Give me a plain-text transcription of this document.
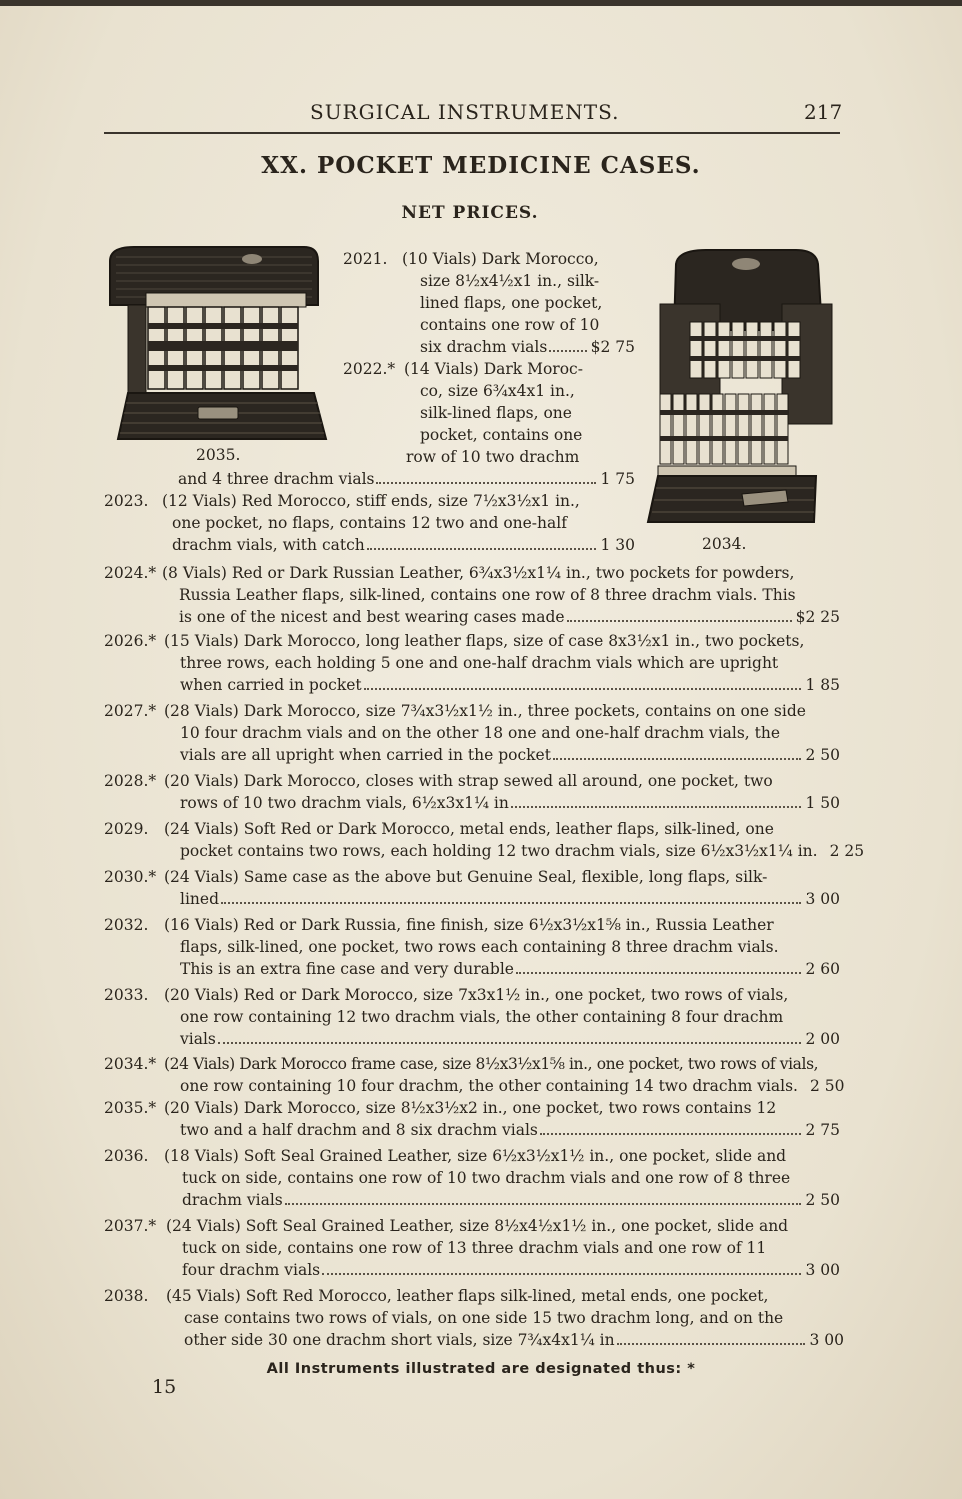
SURGICAL INSTRUMENTS.	217
XX. POCKET MEDICINE CASES.
NET PRICES.
2035.
2034.
2021. (10 Vials) Dark Morocco,
size 8½x4½x1 in., silk-
lined flaps, one pocket,
contains one row of 10
six drachm vials	$2 75
2022.* (14 Vials) Dark Moroc-
co, size 6¾x4x1 in.,
silk-lined flaps, one
pocket, contains one
row of 10 two drachm
and 4 three drachm vials	1 75
2023. (12 Vials) Red Morocco, stiff ends, size 7½x3½x1 in.,
one pocket, no flaps, contains 12 two and one-half
drachm vials, with catch	1 30
2024.* (8 Vials) Red or Dark Russian Leather, 6¾x3½x1¼ in., two pockets for powders,
Russia Leather flaps, silk-lined, contains one row of 8 three drachm vials. This
is one of the nicest and best wearing cases made	$2 25
2026.* (15 Vials) Dark Morocco, long leather flaps, size of case 8x3½x1 in., two pockets,
three rows, each holding 5 one and one-half drachm vials which are upright
when carried in pocket	1 85
2027.* (28 Vials) Dark Morocco, size 7¾x3½x1½ in., three pockets, contains on one side
10 four drachm vials and on the other 18 one and one-half drachm vials, the
vials are all upright when carried in the pocket	2 50
2028.* (20 Vials) Dark Morocco, closes with strap sewed all around, one pocket, two
rows of 10 two drachm vials, 6½x3x1¼ in	1 50
2029. (24 Vials) Soft Red or Dark Morocco, metal ends, leather flaps, silk-lined, one
pocket contains two rows, each holding 12 two drachm vials, size 6½x3½x1¼ in. 2 25
2030.* (24 Vials) Same case as the above but Genuine Seal, flexible, long flaps, silk-
lined	3 00
2032. (16 Vials) Red or Dark Russia, fine finish, size 6½x3½x1⅝ in., Russia Leather
flaps, silk-lined, one pocket, two rows each containing 8 three drachm vials.
This is an extra fine case and very durable	2 60
2033. (20 Vials) Red or Dark Morocco, size 7x3x1½ in., one pocket, two rows of vials,
one row containing 12 two drachm vials, the other containing 8 four drachm
vials	2 00
2034.* (24 Vials) Dark Morocco frame case, size 8½x3½x1⅝ in., one pocket, two rows of vials,
one row containing 10 four drachm, the other containing 14 two drachm vials. 2 50
2035.* (20 Vials) Dark Morocco, size 8½x3½x2 in., one pocket, two rows contains 12
two and a half drachm and 8 six drachm vials	2 75
2036. (18 Vials) Soft Seal Grained Leather, size 6½x3½x1½ in., one pocket, slide and
tuck on side, contains one row of 10 two drachm vials and one row of 8 three
drachm vials	2 50
2037.* (24 Vials) Soft Seal Grained Leather, size 8½x4½x1½ in., one pocket, slide and
tuck on side, contains one row of 13 three drachm vials and one row of 11
four drachm vials	3 00
2038. (45 Vials) Soft Red Morocco, leather flaps silk-lined, metal ends, one pocket,
case contains two rows of vials, on one side 15 two drachm long, and on the
other side 30 one drachm short vials, size 7¾x4x1¼ in	3 00
All Instruments illustrated are designated thus: *
15
